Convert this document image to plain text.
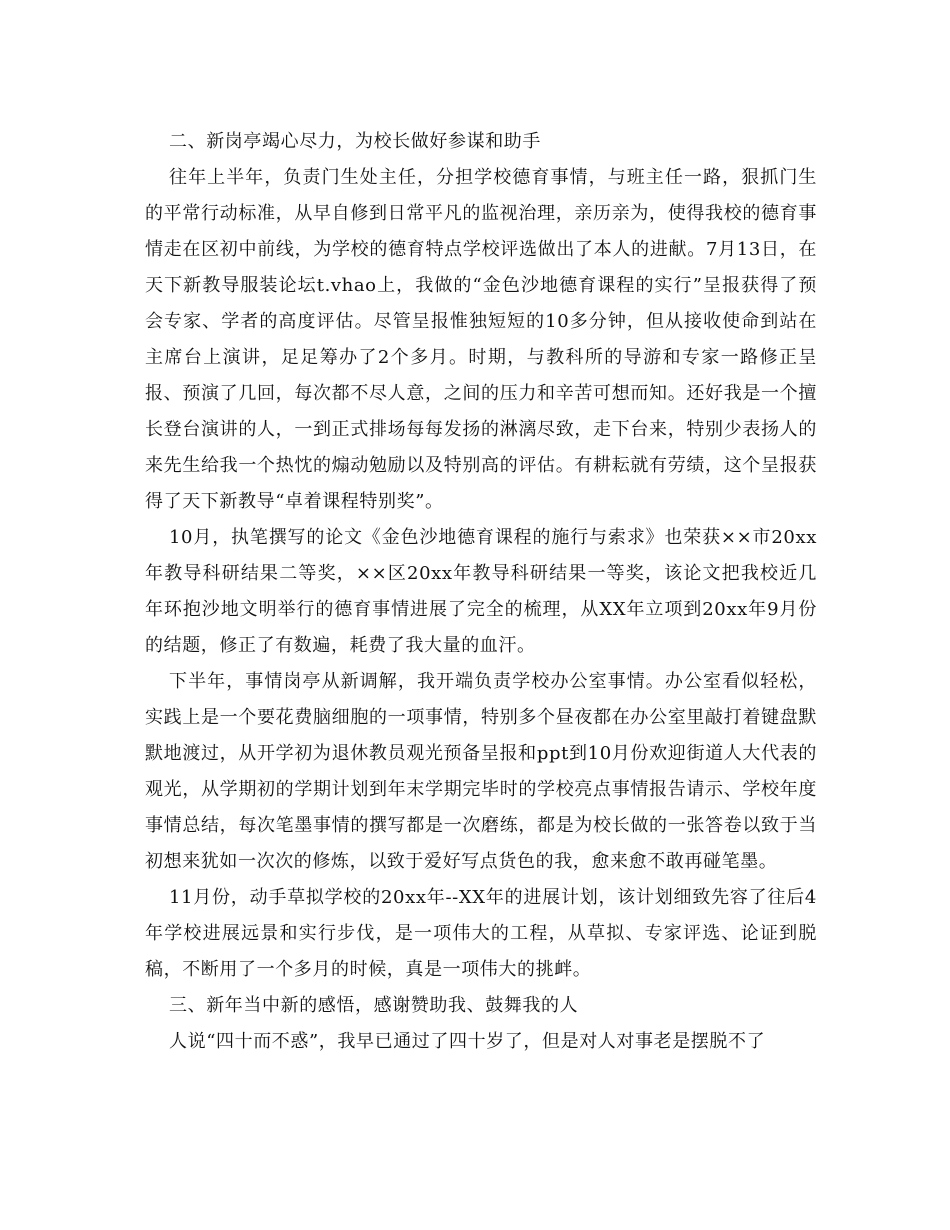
二、新岗亭竭心尽力，为校长做好参谋和助手

往年上半年，负责门生处主任，分担学校德育事情，与班主任一路，狠抓门生的平常行动标准，从早自修到日常平凡的监视治理，亲历亲为，使得我校的德育事情走在区初中前线，为学校的德育特点学校评选做出了本人的进献。7月13日，在天下新教导服装论坛t.vhao上，我做的“金色沙地德育课程的实行”呈报获得了预会专家、学者的高度评估。尽管呈报惟独短短的10多分钟，但从接收使命到站在主席台上演讲，足足筹办了2个多月。时期，与教科所的导游和专家一路修正呈报、预演了几回，每次都不尽人意，之间的压力和辛苦可想而知。还好我是一个擅长登台演讲的人，一到正式排场每每发扬的淋漓尽致，走下台来，特别少表扬人的来先生给我一个热忱的煽动勉励以及特别高的评估。有耕耘就有劳绩，这个呈报获得了天下新教导“卓着课程特别奖”。

10月，执笔撰写的论文《金色沙地德育课程的施行与索求》也荣获××市20xx年教导科研结果二等奖，××区20xx年教导科研结果一等奖，该论文把我校近几年环抱沙地文明举行的德育事情进展了完全的梳理，从XX年立项到20xx年9月份的结题，修正了有数遍，耗费了我大量的血汗。

下半年，事情岗亭从新调解，我开端负责学校办公室事情。办公室看似轻松，实践上是一个要花费脑细胞的一项事情，特别多个昼夜都在办公室里敲打着键盘默默地渡过，从开学初为退休教员观光预备呈报和ppt到10月份欢迎街道人大代表的观光，从学期初的学期计划到年末学期完毕时的学校亮点事情报告请示、学校年度事情总结，每次笔墨事情的撰写都是一次磨练，都是为校长做的一张答卷以致于当初想来犹如一次次的修炼，以致于爱好写点货色的我，愈来愈不敢再碰笔墨。

11月份，动手草拟学校的20xx年--XX年的进展计划，该计划细致先容了往后4年学校进展远景和实行步伐，是一项伟大的工程，从草拟、专家评选、论证到脱稿，不断用了一个多月的时候，真是一项伟大的挑衅。

三、新年当中新的感悟，感谢赞助我、鼓舞我的人

人说“四十而不惑”，我早已通过了四十岁了，但是对人对事老是摆脱不了
